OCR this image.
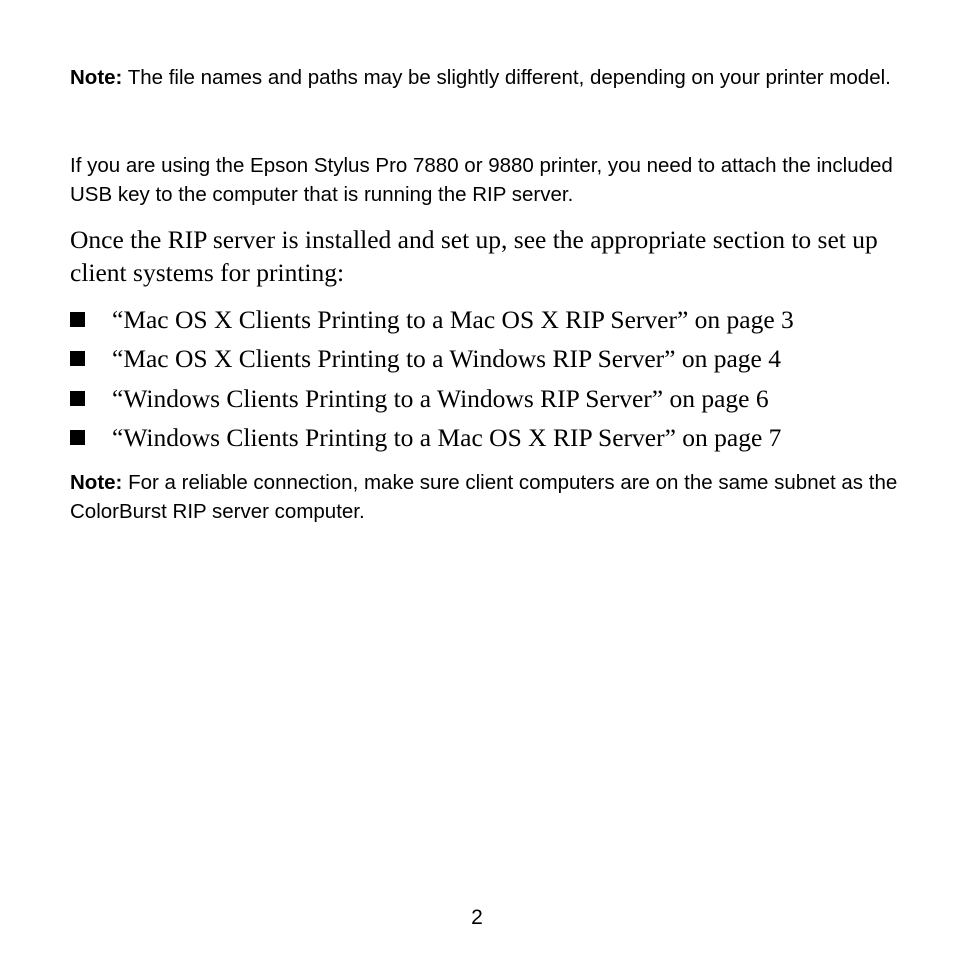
Note: The file names and paths may be slightly different, depending on your printer model.

If you are using the Epson Stylus Pro 7880 or 9880 printer, you need to attach the included USB key to the computer that is running the RIP server.

Once the RIP server is installed and set up, see the appropriate section to set up client systems for printing:

“Mac OS X Clients Printing to a Mac OS X RIP Server” on page 3
“Mac OS X Clients Printing to a Windows RIP Server” on page 4
“Windows Clients Printing to a Windows RIP Server” on page 6
“Windows Clients Printing to a Mac OS X RIP Server” on page 7

Note: For a reliable connection, make sure client computers are on the same subnet as the ColorBurst RIP server computer.

2
